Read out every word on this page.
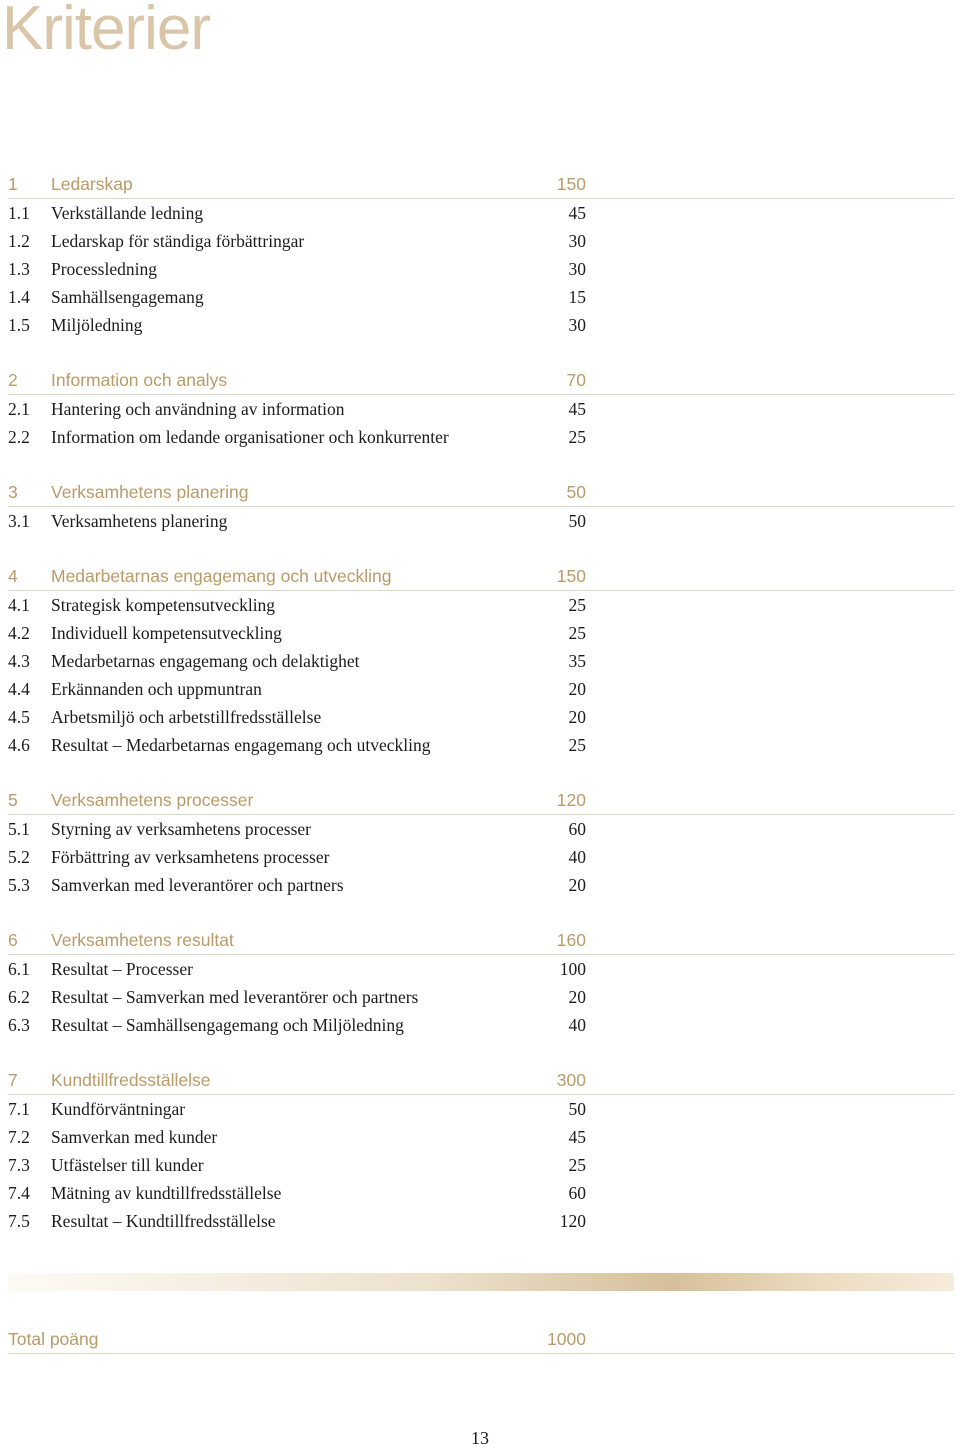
Kriterier
1	Ledarskap	150
1.1	Verkställande ledning	45
1.2	Ledarskap för ständiga förbättringar	30
1.3	Processledning	30
1.4	Samhällsengagemang	15
1.5	Miljöledning	30
2	Information och analys	70
2.1	Hantering och användning av information	45
2.2	Information om ledande organisationer och konkurrenter	25
3	Verksamhetens planering	50
3.1	Verksamhetens planering	50
4	Medarbetarnas engagemang och utveckling	150
4.1	Strategisk kompetensutveckling	25
4.2	Individuell kompetensutveckling	25
4.3	Medarbetarnas engagemang och delaktighet	35
4.4	Erkännanden och uppmuntran	20
4.5	Arbetsmiljö och arbetstillfredsställelse	20
4.6	Resultat – Medarbetarnas engagemang och utveckling	25
5	Verksamhetens processer	120
5.1	Styrning av verksamhetens processer	60
5.2	Förbättring av verksamhetens processer	40
5.3	Samverkan med leverantörer och partners	20
6	Verksamhetens resultat	160
6.1	Resultat – Processer	100
6.2	Resultat – Samverkan med leverantörer och partners	20
6.3	Resultat – Samhällsengagemang och Miljöledning	40
7	Kundtillfredsställelse	300
7.1	Kundförväntningar	50
7.2	Samverkan med kunder	45
7.3	Utfästelser till kunder	25
7.4	Mätning av kundtillfredsställelse	60
7.5	Resultat – Kundtillfredsställelse	120
Total poäng	1000
13
